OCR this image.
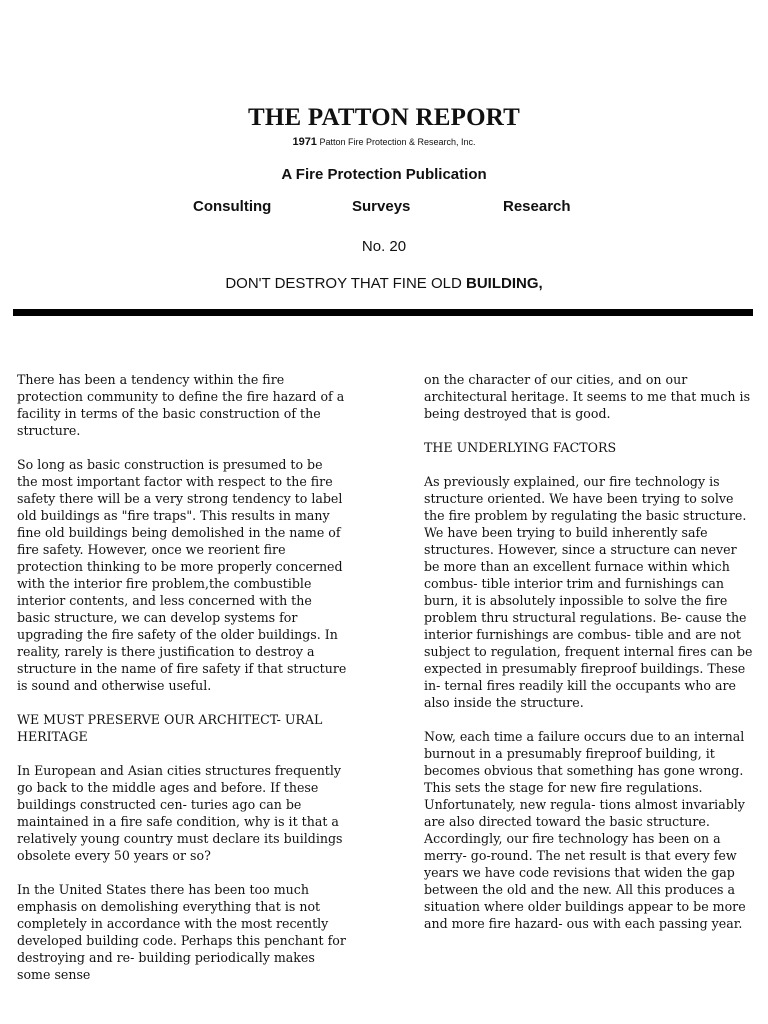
THE PATTON REPORT
1971 Patton Fire Protection & Research, Inc.
A Fire Protection Publication
Consulting	Surveys	Research
No. 20
DON'T DESTROY THAT FINE OLD BUILDING,

There has been a tendency within the fire protection community to define the fire hazard of a facility in terms of the basic construction of the structure.

So long as basic construction is presumed to be the most important factor with respect to the fire safety there will be a very strong tendency to label old buildings as "fire traps". This results in many fine old buildings being demolished in the name of fire safety. However, once we reorient fire protection thinking to be more properly concerned with the interior fire problem,the combustible interior contents, and less concerned with the basic structure, we can develop systems for upgrading the fire safety of the older buildings. In reality, rarely is there justification to destroy a structure in the name of fire safety if that structure is sound and otherwise useful.

WE MUST PRESERVE OUR ARCHITECT- URAL HERITAGE

In European and Asian cities structures frequently go back to the middle ages and before. If these buildings constructed cen- turies ago can be maintained in a fire safe condition, why is it that a relatively young country must declare its buildings obsolete every 50 years or so?

In the United States there has been too much emphasis on demolishing everything that is not completely in accordance with the most recently developed building code. Perhaps this penchant for destroying and re- building periodically makes some sense

on the character of our cities, and on our architectural heritage. It seems to me that much is being destroyed that is good.

THE UNDERLYING FACTORS

As previously explained, our fire technology is structure oriented. We have been trying to solve the fire problem by regulating the basic structure. We have been trying to build inherently safe structures. However, since a structure can never be more than an excellent furnace within which combus- tible interior trim and furnishings can burn, it is absolutely inpossible to solve the fire problem thru structural regulations. Be- cause the interior furnishings are combus- tible and are not subject to regulation, frequent internal fires can be expected in presumably fireproof buildings. These in- ternal fires readily kill the occupants who are also inside the structure.

Now, each time a failure occurs due to an internal burnout in a presumably fireproof building, it becomes obvious that something has gone wrong. This sets the stage for new fire regulations. Unfortunately, new regula- tions almost invariably are also directed toward the basic structure. Accordingly, our fire technology has been on a merry- go-round. The net result is that every few years we have code revisions that widen the gap between the old and the new. All this produces a situation where older buildings appear to be more and more fire hazard- ous with each passing year.
